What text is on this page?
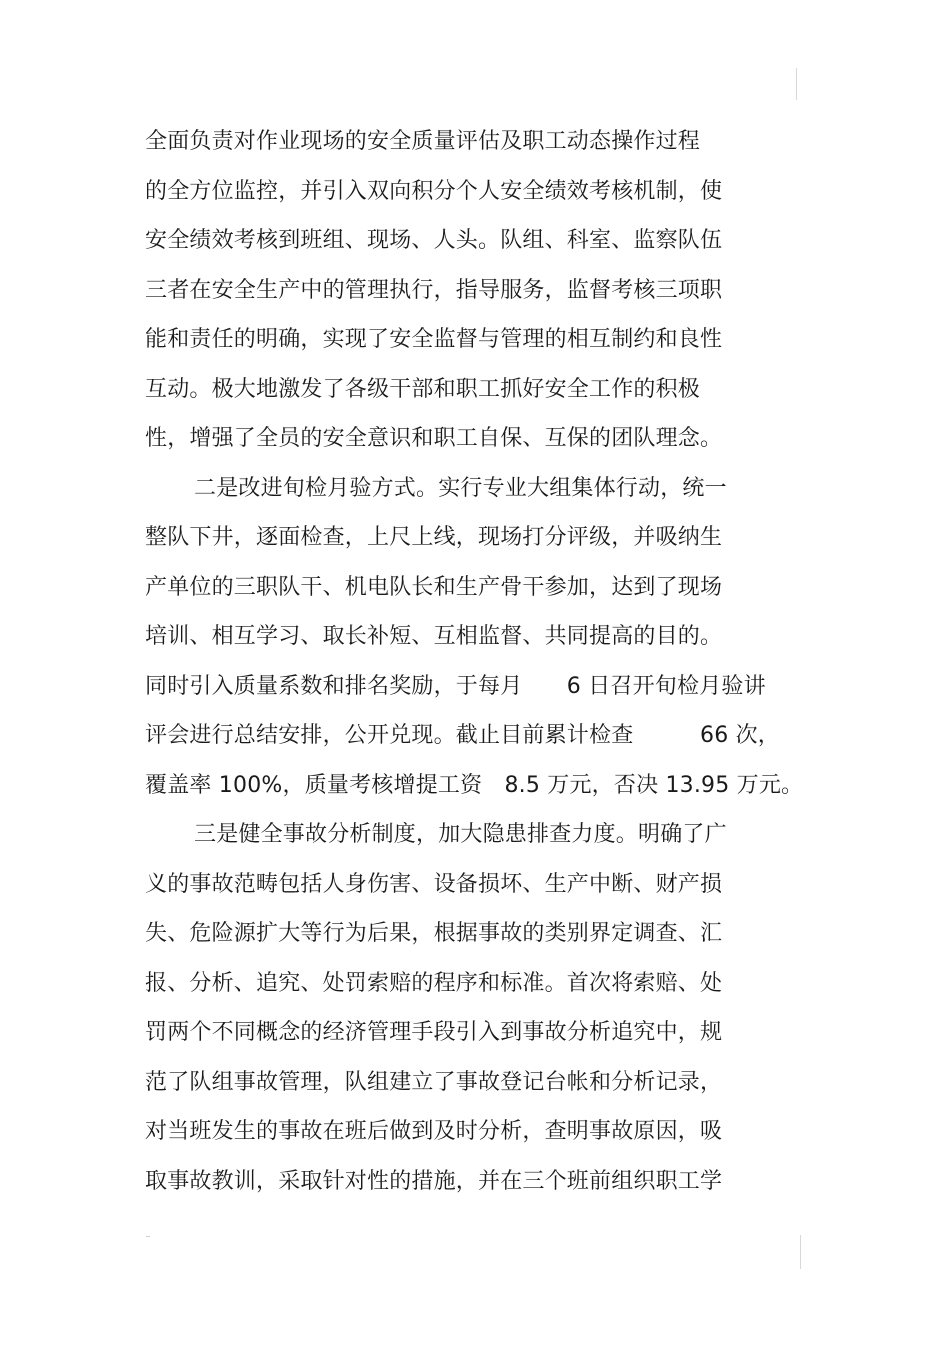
全面负责对作业现场的安全质量评估及职工动态操作过程
的全方位监控，并引入双向积分个人安全绩效考核机制，使
安全绩效考核到班组、现场、人头。队组、科室、监察队伍
三者在安全生产中的管理执行，指导服务，监督考核三项职
能和责任的明确，实现了安全监督与管理的相互制约和良性
互动。极大地激发了各级干部和职工抓好安全工作的积极
性，增强了全员的安全意识和职工自保、互保的团队理念。
二是改进旬检月验方式。实行专业大组集体行动，统一
整队下井，逐面检查，上尺上线，现场打分评级，并吸纳生
产单位的三职队干、机电队长和生产骨干参加，达到了现场
培训、相互学习、取长补短、互相监督、共同提高的目的。
同时引入质量系数和排名奖励，于每月　　6 日召开旬检月验讲
评会进行总结安排，公开兑现。截止目前累计检查　　　66 次，
覆盖率 100%，质量考核增提工资　8.5 万元，否决 13.95 万元。
三是健全事故分析制度，加大隐患排查力度。明确了广
义的事故范畴包括人身伤害、设备损坏、生产中断、财产损
失、危险源扩大等行为后果，根据事故的类别界定调查、汇
报、分析、追究、处罚索赔的程序和标准。首次将索赔、处
罚两个不同概念的经济管理手段引入到事故分析追究中，规
范了队组事故管理，队组建立了事故登记台帐和分析记录，
对当班发生的事故在班后做到及时分析，查明事故原因，吸
取事故教训，采取针对性的措施，并在三个班前组织职工学
